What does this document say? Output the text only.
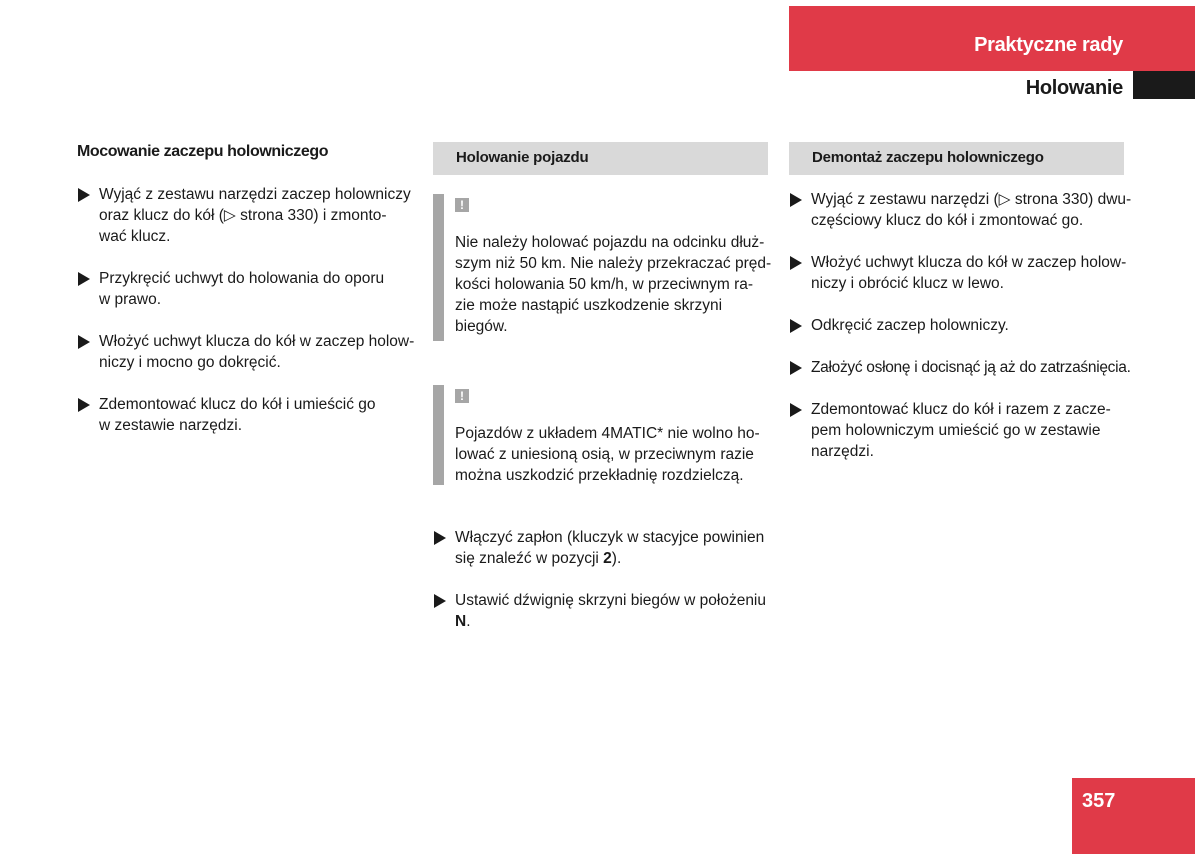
Praktyczne rady
Holowanie
Mocowanie zaczepu holowniczego
Wyjąć z zestawu narzędzi zaczep holowniczy
oraz klucz do kół (▷ strona 330) i zmonto-
wać klucz.
Przykręcić uchwyt do holowania do oporu
w prawo.
Włożyć uchwyt klucza do kół w zaczep holow-
niczy i mocno go dokręcić.
Zdemontować klucz do kół i umieścić go
w zestawie narzędzi.
Holowanie pojazdu
!
Nie należy holować pojazdu na odcinku dłuż-
szym niż 50 km. Nie należy przekraczać pręd-
kości holowania 50 km/h, w przeciwnym ra-
zie może nastąpić uszkodzenie skrzyni
biegów.
!
Pojazdów z układem 4MATIC* nie wolno ho-
lować z uniesioną osią, w przeciwnym razie
można uszkodzić przekładnię rozdzielczą.
Włączyć zapłon (kluczyk w stacyjce powinien
się znaleźć w pozycji 2).
Ustawić dźwignię skrzyni biegów w położeniu
N.
Demontaż zaczepu holowniczego
Wyjąć z zestawu narzędzi (▷ strona 330) dwu-
częściowy klucz do kół i zmontować go.
Włożyć uchwyt klucza do kół w zaczep holow-
niczy i obrócić klucz w lewo.
Odkręcić zaczep holowniczy.
Założyć osłonę i docisnąć ją aż do zatrzaśnięcia.
Zdemontować klucz do kół i razem z zacze-
pem holowniczym umieścić go w zestawie
narzędzi.
357
